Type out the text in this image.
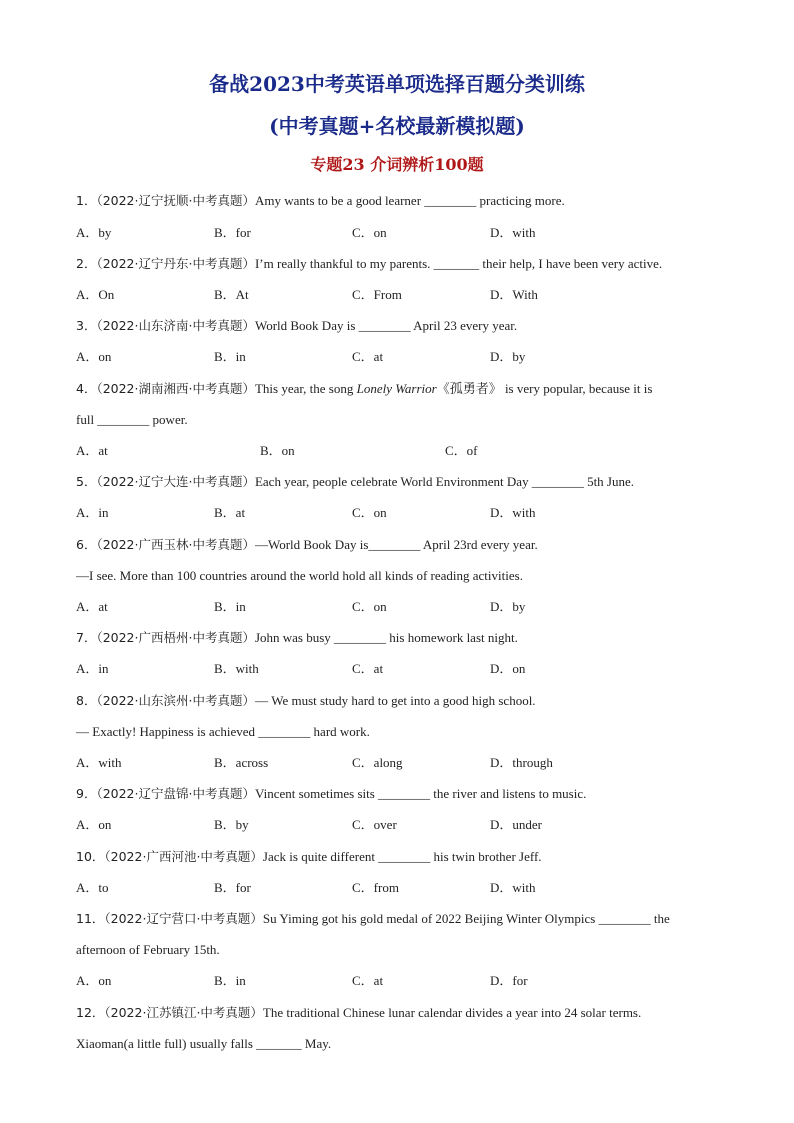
备战2023中考英语单项选择百题分类训练
(中考真题+名校最新模拟题)
专题23 介词辨析100题
1．（2022·辽宁抚顺·中考真题）Amy wants to be a good learner ________ practicing more.
A．by	B．for	C．on	D．with
2．（2022·辽宁丹东·中考真题）I’m really thankful to my parents. _______ their help, I have been very active.
A．On	B．At	C．From	D．With
3．（2022·山东济南·中考真题）World Book Day is ________ April 23 every year.
A．on	B．in	C．at	D．by
4．（2022·湖南湘西·中考真题）This year, the song Lonely Warrior《孤勇者》 is very popular, because it is
full ________ power.
A．at	B．on	C．of
5．（2022·辽宁大连·中考真题）Each year, people celebrate World Environment Day ________ 5th June.
A．in	B．at	C．on	D．with
6．（2022·广西玉林·中考真题）—World Book Day is________ April 23rd every year.
—I see. More than 100 countries around the world hold all kinds of reading activities.
A．at	B．in	C．on	D．by
7．（2022·广西梧州·中考真题）John was busy ________ his homework last night.
A．in	B．with	C．at	D．on
8．（2022·山东滨州·中考真题）— We must study hard to get into a good high school.
— Exactly! Happiness is achieved ________ hard work.
A．with	B．across	C．along	D．through
9．（2022·辽宁盘锦·中考真题）Vincent sometimes sits ________ the river and listens to music.
A．on	B．by	C．over	D．under
10．（2022·广西河池·中考真题）Jack is quite different ________ his twin brother Jeff.
A．to	B．for	C．from	D．with
11．（2022·辽宁营口·中考真题）Su Yiming got his gold medal of 2022 Beijing Winter Olympics ________ the
afternoon of February 15th.
A．on	B．in	C．at	D．for
12．（2022·江苏镇江·中考真题）The traditional Chinese lunar calendar divides a year into 24 solar terms.
Xiaoman(a little full) usually falls _______ May.
